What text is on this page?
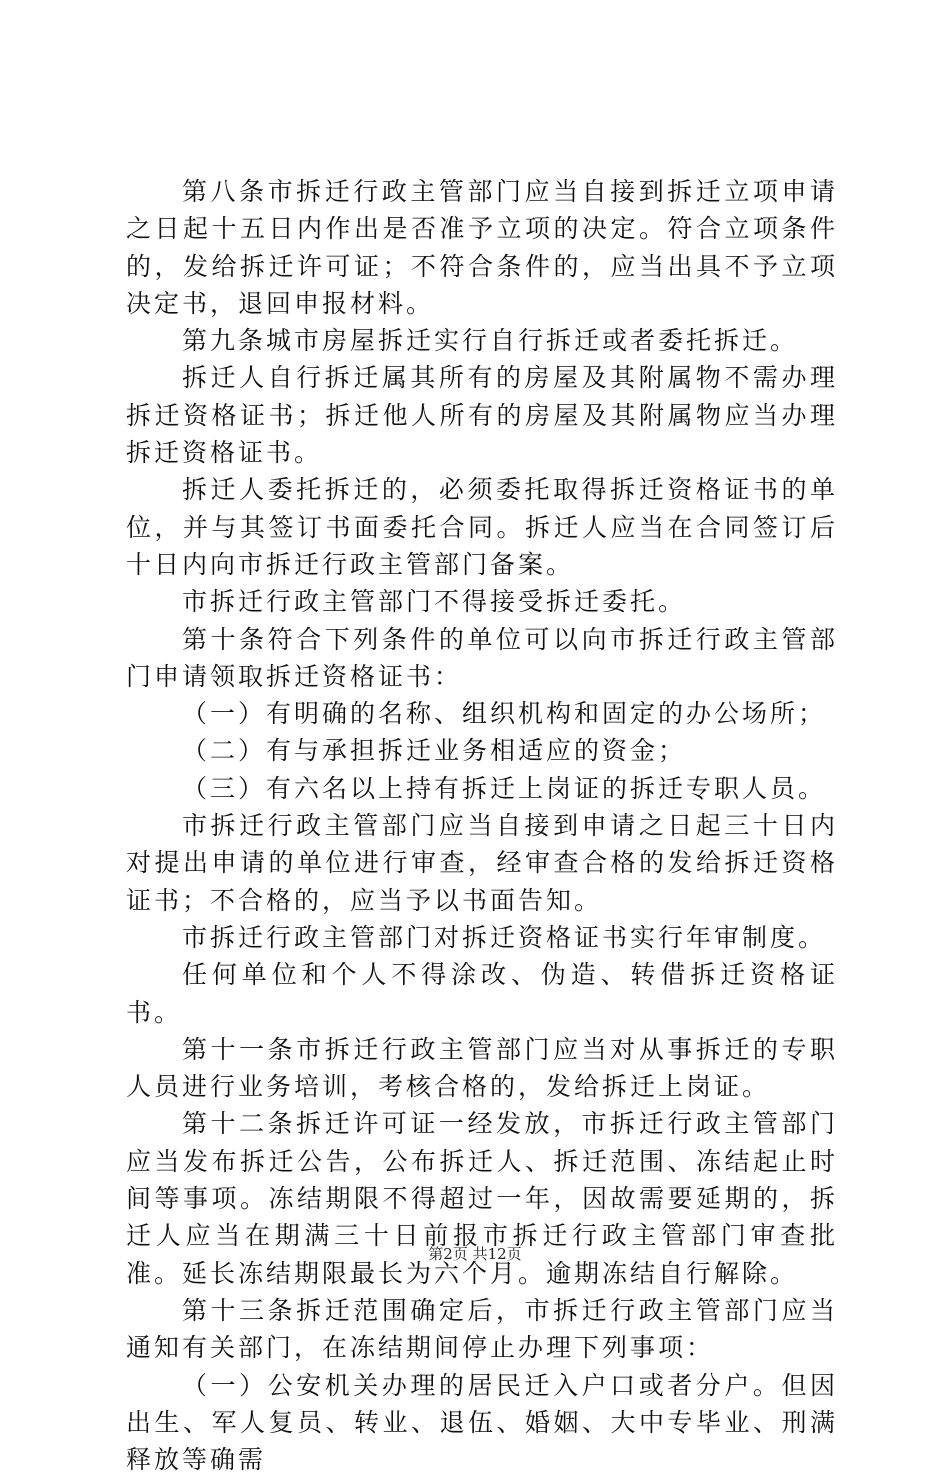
第八条市拆迁行政主管部门应当自接到拆迁立项申请之日起十五日内作出是否准予立项的决定。符合立项条件的，发给拆迁许可证；不符合条件的，应当出具不予立项决定书，退回申报材料。

第九条城市房屋拆迁实行自行拆迁或者委托拆迁。

拆迁人自行拆迁属其所有的房屋及其附属物不需办理拆迁资格证书；拆迁他人所有的房屋及其附属物应当办理拆迁资格证书。

拆迁人委托拆迁的，必须委托取得拆迁资格证书的单位，并与其签订书面委托合同。拆迁人应当在合同签订后十日内向市拆迁行政主管部门备案。

市拆迁行政主管部门不得接受拆迁委托。

第十条符合下列条件的单位可以向市拆迁行政主管部门申请领取拆迁资格证书：

（一）有明确的名称、组织机构和固定的办公场所；

（二）有与承担拆迁业务相适应的资金；

（三）有六名以上持有拆迁上岗证的拆迁专职人员。

市拆迁行政主管部门应当自接到申请之日起三十日内对提出申请的单位进行审查，经审查合格的发给拆迁资格证书；不合格的，应当予以书面告知。

市拆迁行政主管部门对拆迁资格证书实行年审制度。

任何单位和个人不得涂改、伪造、转借拆迁资格证书。

第十一条市拆迁行政主管部门应当对从事拆迁的专职人员进行业务培训，考核合格的，发给拆迁上岗证。

第十二条拆迁许可证一经发放，市拆迁行政主管部门应当发布拆迁公告，公布拆迁人、拆迁范围、冻结起止时间等事项。冻结期限不得超过一年，因故需要延期的，拆迁人应当在期满三十日前报市拆迁行政主管部门审查批准。延长冻结期限最长为六个月。逾期冻结自行解除。

第十三条拆迁范围确定后，市拆迁行政主管部门应当通知有关部门，在冻结期间停止办理下列事项：

（一）公安机关办理的居民迁入户口或者分户。但因出生、军人复员、转业、退伍、婚姻、大中专毕业、刑满释放等确需

第2页 共12页
